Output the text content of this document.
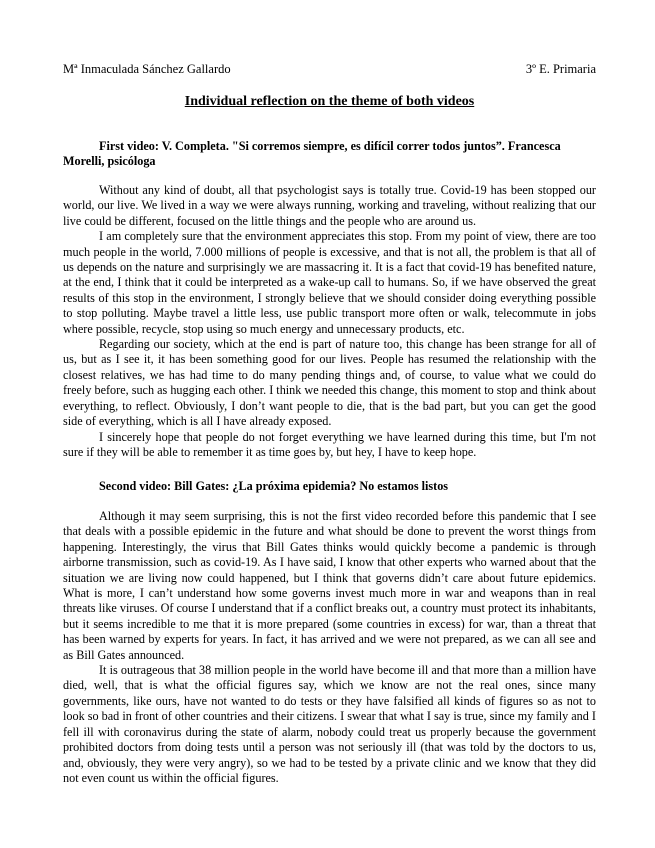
Mª Inmaculada Sánchez Gallardo	3º E. Primaria
Individual reflection on the theme of both videos
First video: V. Completa. "Si corremos siempre, es difícil correr todos juntos”. Francesca Morelli, psicóloga

Without any kind of doubt, all that psychologist says is totally true. Covid-19 has been stopped our world, our live. We lived in a way we were always running, working and traveling, without realizing that our live could be different, focused on the little things and the people who are around us.

I am completely sure that the environment appreciates this stop. From my point of view, there are too much people in the world, 7.000 millions of people is excessive, and that is not all, the problem is that all of us depends on the nature and surprisingly we are massacring it. It is a fact that covid-19 has benefited nature, at the end, I think that it could be interpreted as a wake-up call to humans. So, if we have observed the great results of this stop in the environment, I strongly believe that we should consider doing everything possible to stop polluting. Maybe travel a little less, use public transport more often or walk, telecommute in jobs where possible, recycle, stop using so much energy and unnecessary products, etc.

Regarding our society, which at the end is part of nature too, this change has been strange for all of us, but as I see it, it has been something good for our lives. People has resumed the relationship with the closest relatives, we has had time to do many pending things and, of course, to value what we could do freely before, such as hugging each other. I think we needed this change, this moment to stop and think about everything, to reflect. Obviously, I don’t want people to die, that is the bad part, but you can get the good side of everything, which is all I have already exposed.

I sincerely hope that people do not forget everything we have learned during this time, but I'm not sure if they will be able to remember it as time goes by, but hey, I have to keep hope.

Second video: Bill Gates: ¿La próxima epidemia? No estamos listos

Although it may seem surprising, this is not the first video recorded before this pandemic that I see that deals with a possible epidemic in the future and what should be done to prevent the worst things from happening. Interestingly, the virus that Bill Gates thinks would quickly become a pandemic is through airborne transmission, such as covid-19. As I have said, I know that other experts who warned about that the situation we are living now could happened, but I think that governs didn’t care about future epidemics. What is more, I can’t understand how some governs invest much more in war and weapons than in real threats like viruses. Of course I understand that if a conflict breaks out, a country must protect its inhabitants, but it seems incredible to me that it is more prepared (some countries in excess) for war, than a threat that has been warned by experts for years. In fact, it has arrived and we were not prepared, as we can all see and as Bill Gates announced.

It is outrageous that 38 million people in the world have become ill and that more than a million have died, well, that is what the official figures say, which we know are not the real ones, since many governments, like ours, have not wanted to do tests or they have falsified all kinds of figures so as not to look so bad in front of other countries and their citizens. I swear that what I say is true, since my family and I fell ill with coronavirus during the state of alarm, nobody could treat us properly because the government prohibited doctors from doing tests until a person was not seriously ill (that was told by the doctors to us, and, obviously, they were very angry), so we had to be tested by a private clinic and we know that they did not even count us within the official figures.
